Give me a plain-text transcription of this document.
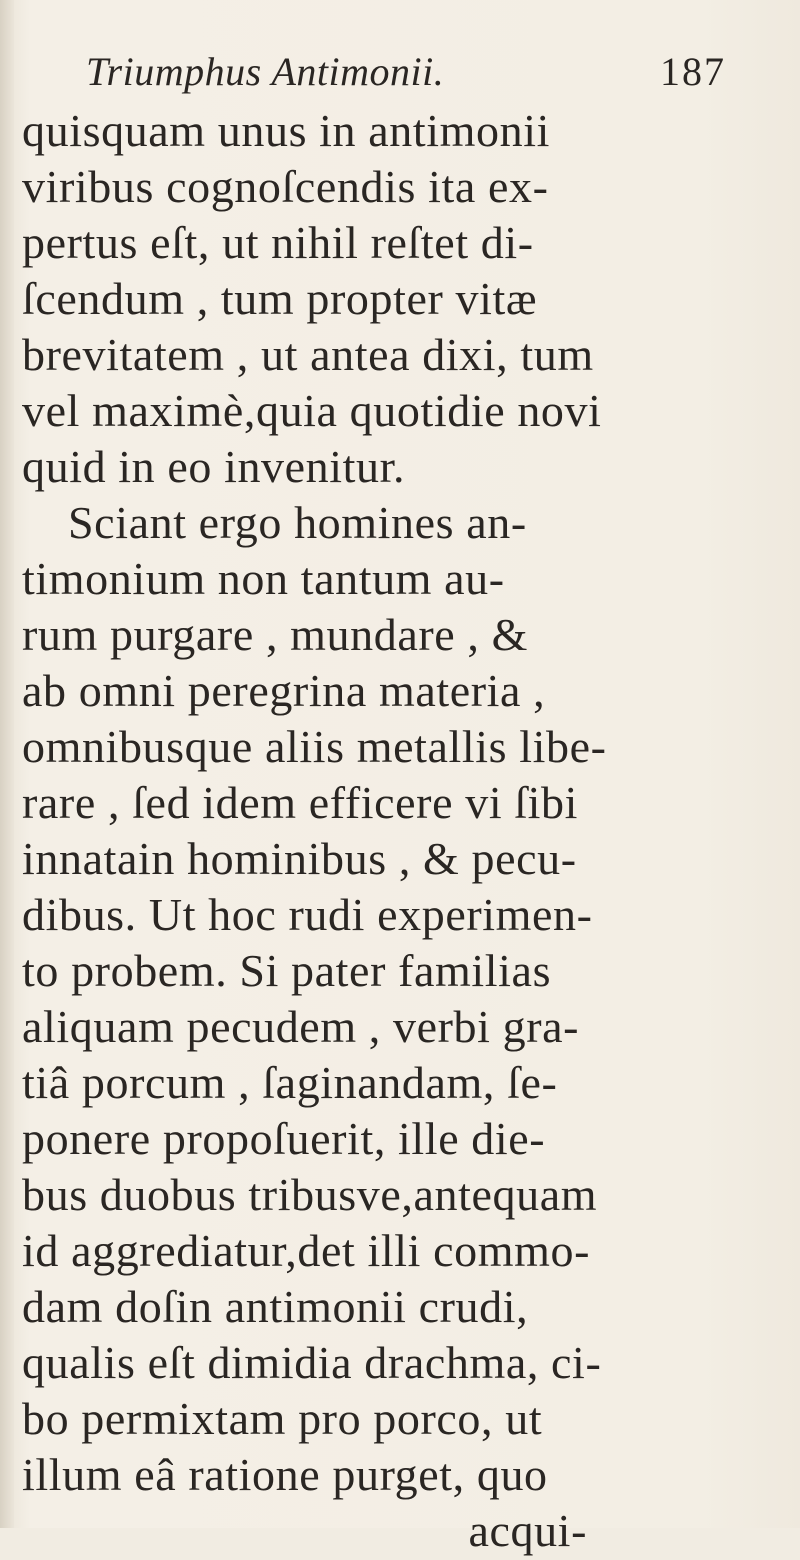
Triumphus Antimonii.	187
quisquam unus in antimonii
viribus cognoſcendis ita ex-
pertus eſt, ut nihil reſtet di-
ſcendum , tum propter vitæ
brevitatem , ut antea dixi, tum
vel maximè,quia quotidie novi
quid in eo invenitur.
Sciant ergo homines an-
timonium non tantum au-
rum purgare , mundare , &
ab omni peregrina materia ,
omnibusque aliis metallis libe-
rare , ſed idem efficere vi ſibi
innatain hominibus , & pecu-
dibus. Ut hoc rudi experimen-
to probem. Si pater familias
aliquam pecudem , verbi gra-
tiâ porcum , ſaginandam, ſe-
ponere propoſuerit, ille die-
bus duobus tribusve,antequam
id aggrediatur,det illi commo-
dam doſin antimonii crudi,
qualis eſt dimidia drachma, ci-
bo permixtam pro porco, ut
illum eâ ratione purget, quo
acqui-
